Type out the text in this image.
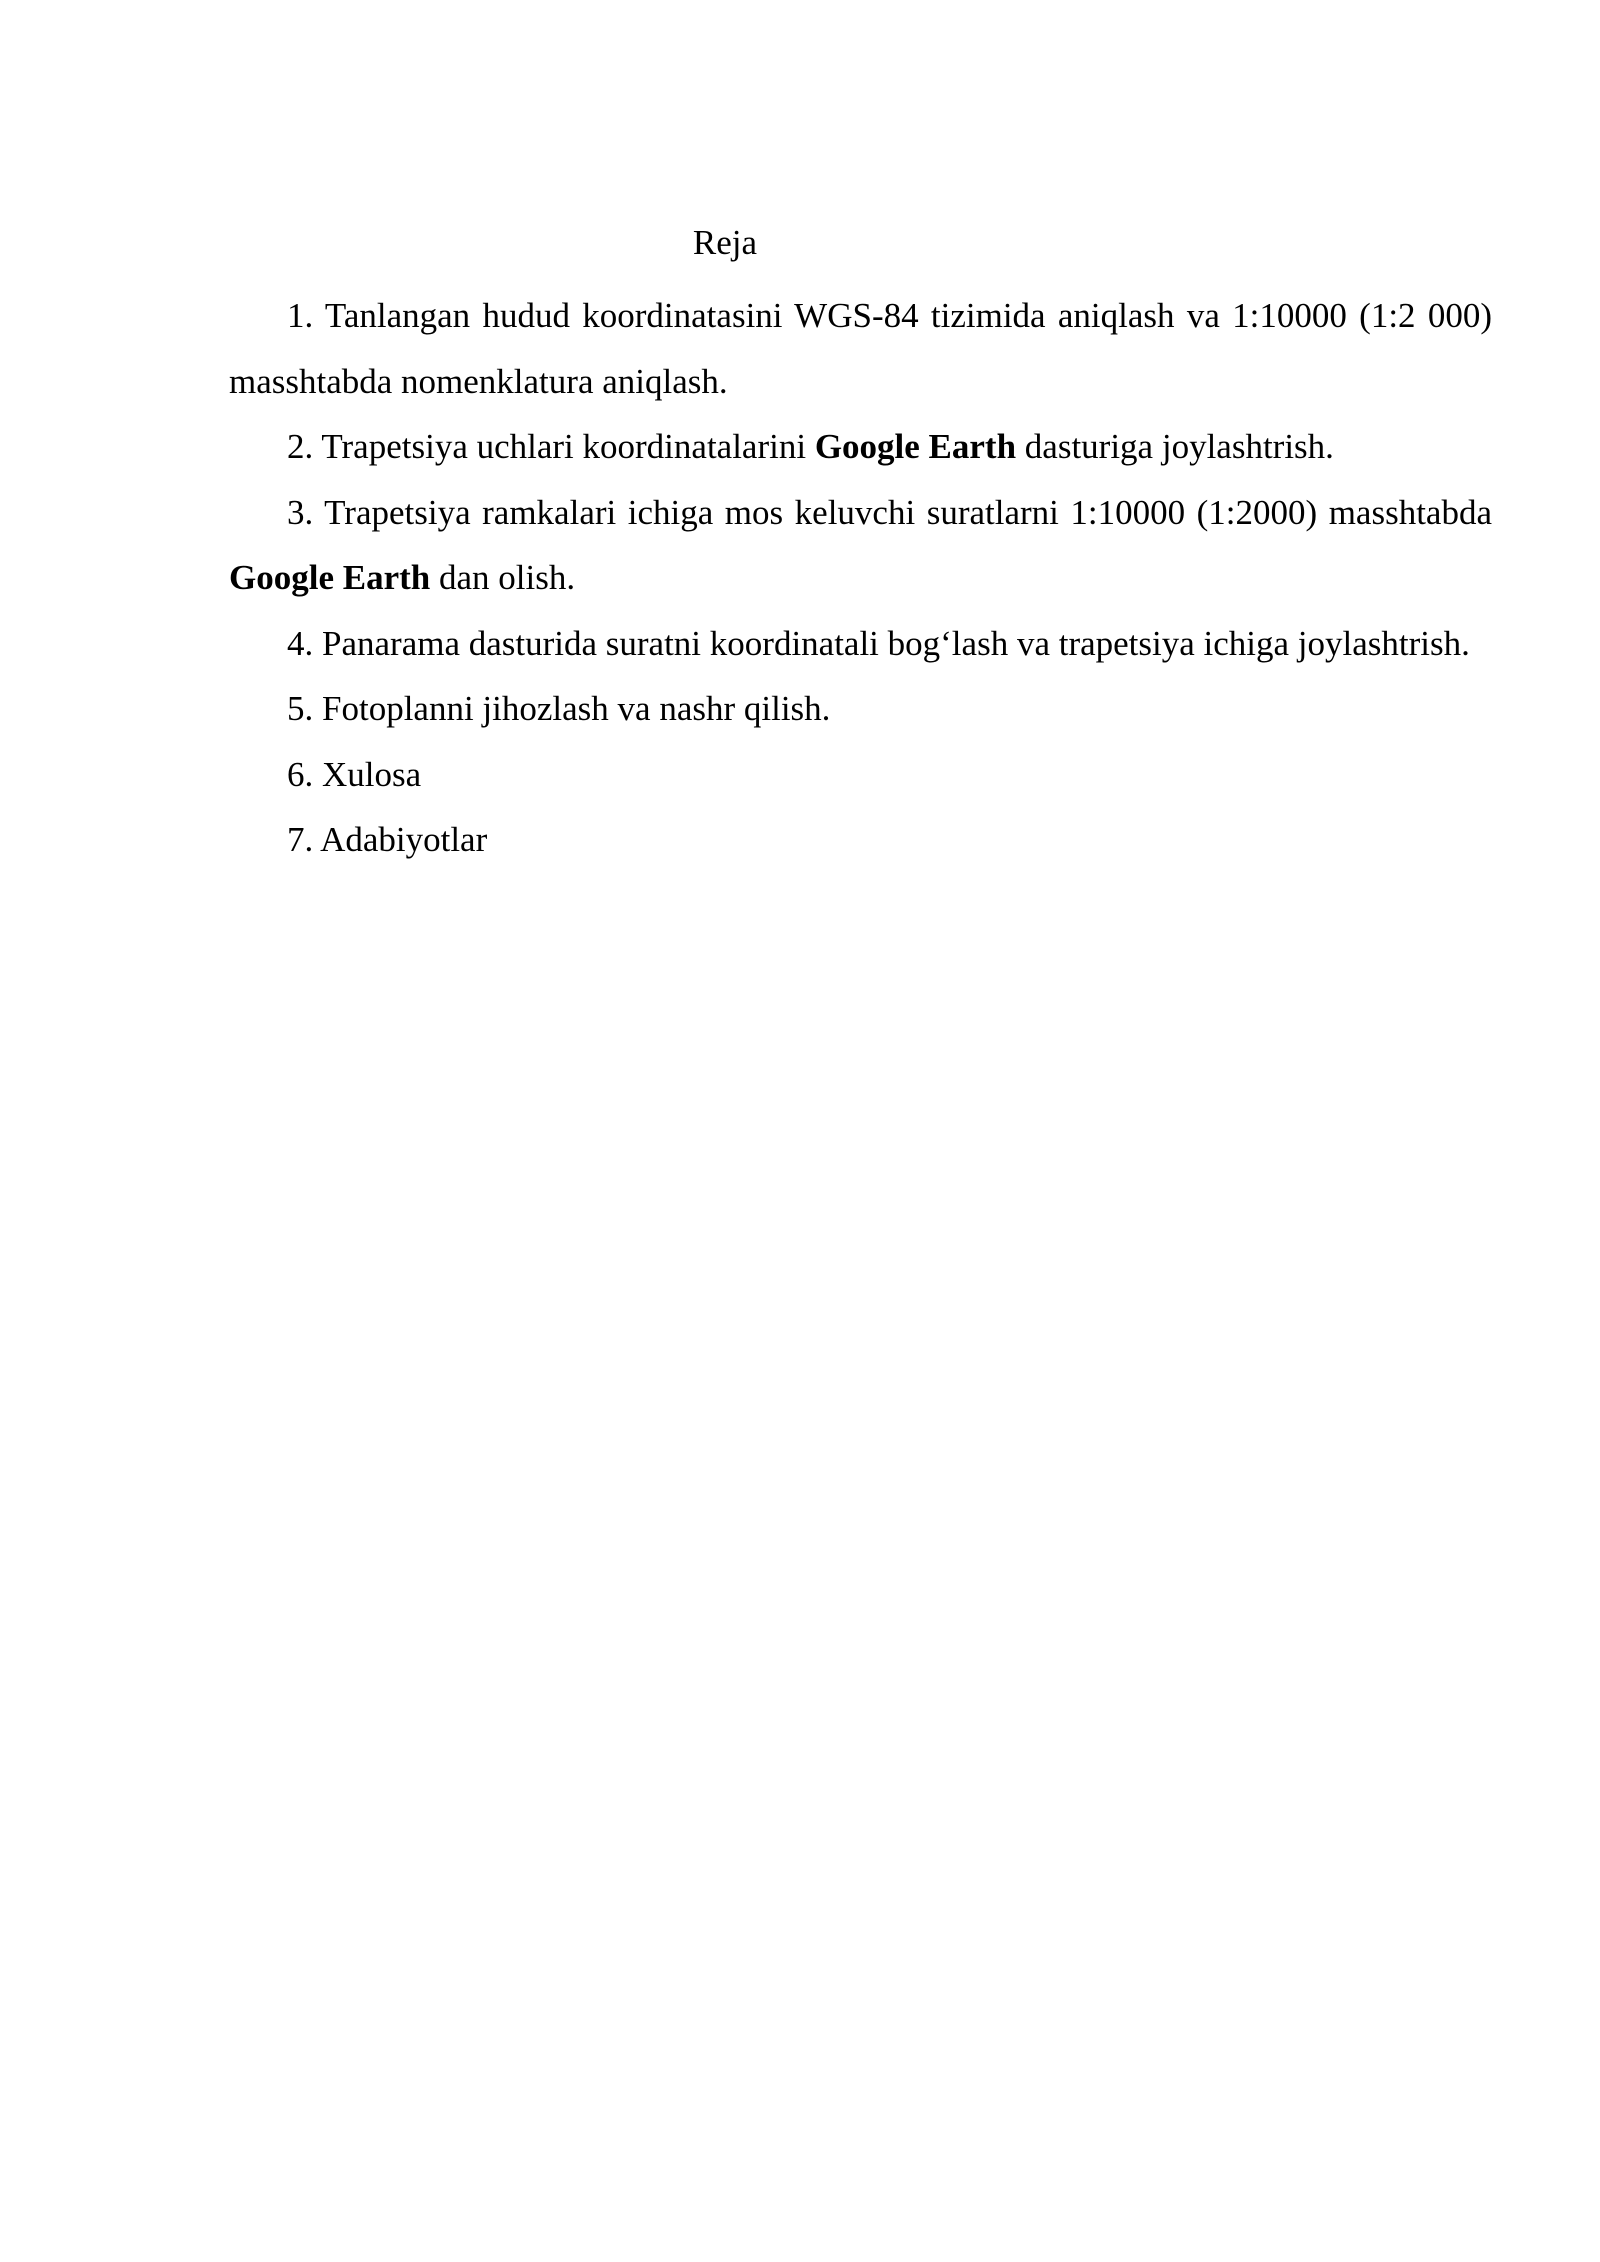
Reja

1. Tanlangan hudud koordinatasini WGS-84 tizimida aniqlash va 1:10000 (1:2 000) masshtabda nomenklatura aniqlash.

2. Trapetsiya uchlari koordinatalarini Google Earth dasturiga joylashtrish.

3. Trapetsiya ramkalari ichiga mos keluvchi suratlarni 1:10000 (1:2000) masshtabda Google Earth dan olish.

4. Panarama dasturida suratni koordinatali bog‘lash va trapetsiya ichiga joylashtrish.

5. Fotoplanni jihozlash va nashr qilish.

6. Xulosa

7. Adabiyotlar
